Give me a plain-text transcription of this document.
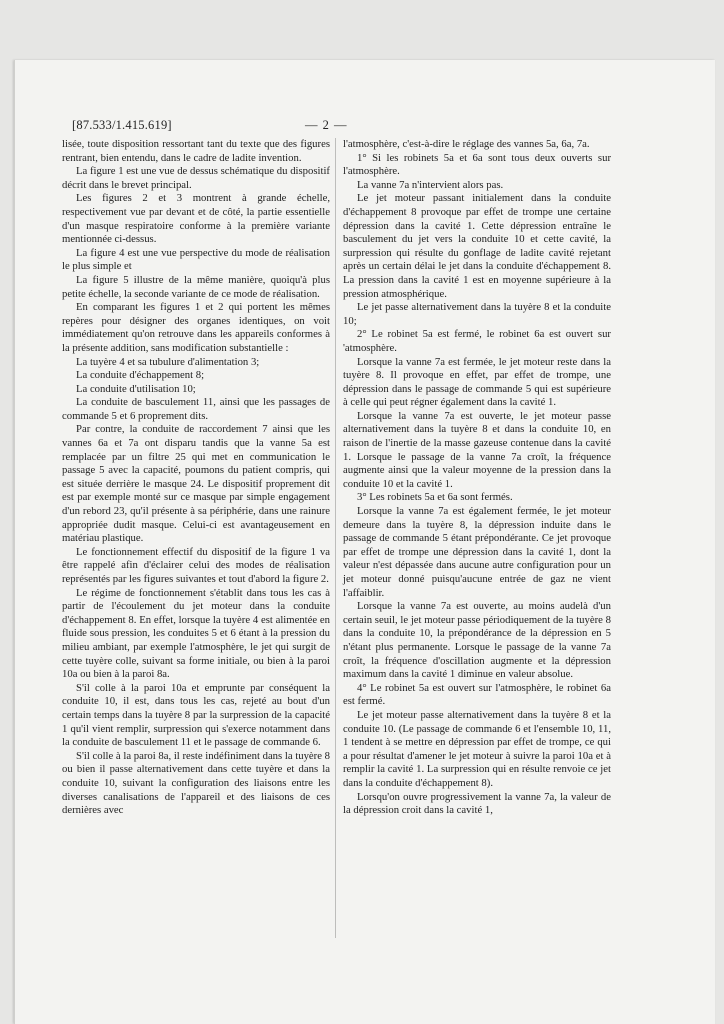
[87.533/1.415.619]	— 2 —

lisée, toute disposition ressortant tant du texte que des figures rentrant, bien entendu, dans le cadre de ladite invention.

La figure 1 est une vue de dessus schématique du dispositif décrit dans le brevet principal.

Les figures 2 et 3 montrent à grande échelle, respectivement vue par devant et de côté, la partie essentielle d'un masque respiratoire conforme à la première variante mentionnée ci-dessus.

La figure 4 est une vue perspective du mode de réalisation le plus simple et

La figure 5 illustre de la même manière, quoiqu'à plus petite échelle, la seconde variante de ce mode de réalisation.

En comparant les figures 1 et 2 qui portent les mêmes repères pour désigner des organes identiques, on voit immédiatement qu'on retrouve dans les appareils conformes à la présente addition, sans modification substantielle :

La tuyère 4 et sa tubulure d'alimentation 3;

La conduite d'échappement 8;

La conduite d'utilisation 10;

La conduite de basculement 11, ainsi que les passages de commande 5 et 6 proprement dits.

Par contre, la conduite de raccordement 7 ainsi que les vannes 6a et 7a ont disparu tandis que la vanne 5a est remplacée par un filtre 25 qui met en communication le passage 5 avec la capacité, poumons du patient compris, qui est située derrière le masque 24. Le dispositif proprement dit est par exemple monté sur ce masque par simple engagement d'un rebord 23, qu'il présente à sa périphérie, dans une rainure appropriée dudit masque. Celui-ci est avantageusement en matériau plastique.

Le fonctionnement effectif du dispositif de la figure 1 va être rappelé afin d'éclairer celui des modes de réalisation représentés par les figures suivantes et tout d'abord la figure 2.

Le régime de fonctionnement s'établit dans tous les cas à partir de l'écoulement du jet moteur dans la conduite d'échappement 8. En effet, lorsque la tuyère 4 est alimentée en fluide sous pression, les conduites 5 et 6 étant à la pression du milieu ambiant, par exemple l'atmosphère, le jet qui surgit de cette tuyère colle, suivant sa forme initiale, ou bien à la paroi 10a ou bien à la paroi 8a.

S'il colle à la paroi 10a et emprunte par conséquent la conduite 10, il est, dans tous les cas, rejeté au bout d'un certain temps dans la tuyère 8 par la surpression de la capacité 1 qu'il vient remplir, surpression qui s'exerce notamment dans la conduite de basculement 11 et le passage de commande 6.

S'il colle à la paroi 8a, il reste indéfiniment dans la tuyère 8 ou bien il passe alternativement dans cette tuyère et dans la conduite 10, suivant la configuration des liaisons entre les diverses canalisations de l'appareil et des liaisons de ces dernières avec

l'atmosphère, c'est-à-dire le réglage des vannes 5a, 6a, 7a.

1° Si les robinets 5a et 6a sont tous deux ouverts sur l'atmosphère.

La vanne 7a n'intervient alors pas.

Le jet moteur passant initialement dans la conduite d'échappement 8 provoque par effet de trompe une certaine dépression dans la cavité 1. Cette dépression entraîne le basculement du jet vers la conduite 10 et cette cavité, la surpression qui résulte du gonflage de ladite cavité rejetant après un certain délai le jet dans la conduite d'échappement 8. La pression dans la cavité 1 est en moyenne supérieure à la pression atmosphérique.

Le jet passe alternativement dans la tuyère 8 et la conduite 10;

2° Le robinet 5a est fermé, le robinet 6a est ouvert sur 'atmosphère.

Lorsque la vanne 7a est fermée, le jet moteur reste dans la tuyère 8. Il provoque en effet, par effet de trompe, une dépression dans le passage de commande 5 qui est supérieure à celle qui peut régner également dans la cavité 1.

Lorsque la vanne 7a est ouverte, le jet moteur passe alternativement dans la tuyère 8 et dans la conduite 10, en raison de l'inertie de la masse gazeuse contenue dans la cavité 1. Lorsque le passage de la vanne 7a croît, la fréquence augmente ainsi que la valeur moyenne de la pression dans la conduite 10 et la cavité 1.

3° Les robinets 5a et 6a sont fermés.

Lorsque la vanne 7a est également fermée, le jet moteur demeure dans la tuyère 8, la dépression induite dans le passage de commande 5 étant prépondérante. Ce jet provoque par effet de trompe une dépression dans la cavité 1, dont la valeur n'est dépassée dans aucune autre configuration pour un jet moteur donné puisqu'aucune entrée de gaz ne vient l'affaiblir.

Lorsque la vanne 7a est ouverte, au moins audelà d'un certain seuil, le jet moteur passe périodiquement de la tuyère 8 dans la conduite 10, la prépondérance de la dépression en 5 n'étant plus permanente. Lorsque le passage de la vanne 7a croît, la fréquence d'oscillation augmente et la dépression maximum dans la cavité 1 diminue en valeur absolue.

4° Le robinet 5a est ouvert sur l'atmosphère, le robinet 6a est fermé.

Le jet moteur passe alternativement dans la tuyère 8 et la conduite 10. (Le passage de commande 6 et l'ensemble 10, 11, 1 tendent à se mettre en dépression par effet de trompe, ce qui a pour résultat d'amener le jet moteur à suivre la paroi 10a et à remplir la cavité 1. La surpression qui en résulte renvoie ce jet dans la conduite d'échappement 8).

Lorsqu'on ouvre progressivement la vanne 7a, la valeur de la dépression croit dans la cavité 1,
